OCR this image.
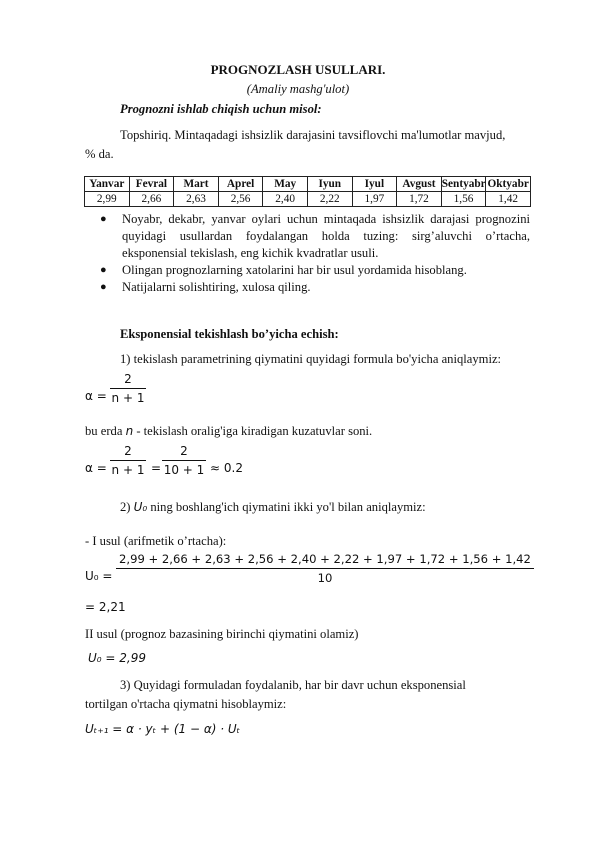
PROGNOZLASH USULLARI.
(Amaliy mashg'ulot)
Prognozni ishlab chiqish uchun misol:
Topshiriq. Mintaqadagi ishsizlik darajasini tavsiflovchi ma'lumotlar mavjud,
% da.
Yanvar	Fevral	Mart	Aprel	May	Iyun	Iyul	Avgust	Sentyabr	Oktyabr
2,99	2,66	2,63	2,56	2,40	2,22	1,97	1,72	1,56	1,42
● Noyabr, dekabr, yanvar oylari uchun mintaqada ishsizlik darajasi prognozini quyidagi usullardan foydalangan holda tuzing: sirg’aluvchi o’rtacha, eksponensial tekislash, eng kichik kvadratlar usuli.
● Olingan prognozlarning xatolarini har bir usul yordamida hisoblang.
● Natijalarni solishtiring, xulosa qiling.
Eksponensial tekishlash bo’yicha echish:
1) tekislash parametrining qiymatini quyidagi formula bo'yicha aniqlaymiz:
$\alpha = \frac{2}{n + 1}$
bu erda n - tekislash oralig'iga kiradigan kuzatuvlar soni.
$\alpha = \frac{2}{n + 1} = \frac{2}{10 + 1} \approx 0.2$
2) U₀ ning boshlang'ich qiymatini ikki yo'l bilan aniqlaymiz:
- I usul (arifmetik o’rtacha):
U₀ =
2,99 + 2,66 + 2,63 + 2,56 + 2,40 + 2,22 + 1,97 + 1,72 + 1,56 + 1,42
10
= 2,21
II usul (prognoz bazasining birinchi qiymatini olamiz)
U₀ = 2,99
3) Quyidagi formuladan foydalanib, har bir davr uchun eksponensial
tortilgan o'rtacha qiymatni hisoblaymiz:
Uₜ₊₁ = α · yₜ + (1 − α) · Uₜ
